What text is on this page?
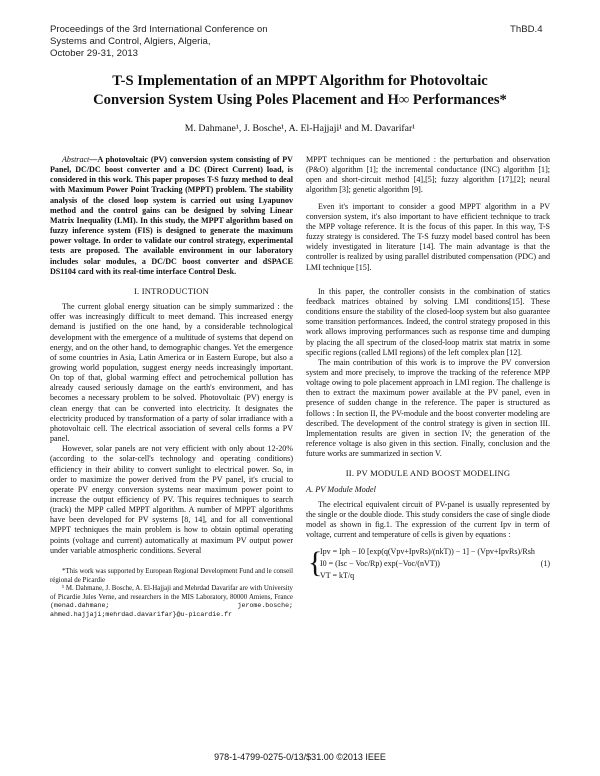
Proceedings of the 3rd International Conference on
Systems and Control, Algiers, Algeria,
October 29-31, 2013
ThBD.4
T-S Implementation of an MPPT Algorithm for Photovoltaic
Conversion System Using Poles Placement and H∞ Performances*
M. Dahmane¹, J. Bosche¹, A. El-Hajjaji¹ and M. Davarifar¹

Abstract—A photovoltaic (PV) conversion system consisting of PV Panel, DC/DC boost converter and a DC (Direct Current) load, is considered in this work. This paper proposes T-S fuzzy method to deal with Maximum Power Point Tracking (MPPT) problem. The stability analysis of the closed loop system is carried out using Lyapunov method and the control gains can be designed by solving Linear Matrix Inequality (LMI). In this study, the MPPT algorithm based on fuzzy inference system (FIS) is designed to generate the maximum power voltage. In order to validate our control strategy, experimental tests are proposed. The available environment in our laboratory includes solar modules, a DC/DC boost converter and dSPACE DS1104 card with its real-time interface Control Desk.

I. INTRODUCTION

The current global energy situation can be simply summarized : the offer was increasingly difficult to meet demand. This increased energy demand is justified on the one hand, by a considerable technological development with the emergence of a multitude of systems that depend on energy, and on the other hand, to demographic changes. Yet the emergence of some countries in Asia, Latin America or in Eastern Europe, but also a growing world population, suggest energy needs increasingly important. On top of that, global warming effect and petrochemical pollution has already caused seriously damage on the earth's environment, and has becomes a necessary problem to be solved. Photovoltaic (PV) energy is clean energy that can be converted into electricity. It designates the electricity produced by transformation of a party of solar irradiance with a photovoltaic cell. The electrical association of several cells forms a PV panel.

However, solar panels are not very efficient with only about 12-20% (according to the solar-cell's technology and operating conditions) efficiency in their ability to convert sunlight to electrical power. So, in order to maximize the power derived from the PV panel, it's crucial to operate PV energy conversion systems near maximum power point to increase the output efficiency of PV. This requires techniques to search (track) the MPP called MPPT algorithm. A number of MPPT algorithms have been developed for PV systems [8, 14], and for all conventional MPPT techniques the main problem is how to obtain optimal operating points (voltage and current) automatically at maximum PV output power under variable atmospheric conditions. Several

*This work was supported by European Regional Development Fund and le conseil régional de Picardie

¹ M. Dahmane, J. Bosche, A. El-Hajjaji and Mehrdad Davarifar are with University of Picardie Jules Verne, and researchers in the MIS Laboratory, 80000 Amiens, France (menad.dahmane; jerome.bosche; ahmed.hajjaji;mehrdad.davarifar}@u-picardie.fr

MPPT techniques can be mentioned : the perturbation and observation (P&O) algorithm [1]; the incremental conductance (INC) algorithm [1]; open and short-circuit method [4],[5]; fuzzy algorithm [17],[2]; neural algorithm [3]; genetic algorithm [9].

Even it's important to consider a good MPPT algorithm in a PV conversion system, it's also important to have efficient technique to track the MPP voltage reference. It is the focus of this paper. In this way, T-S fuzzy strategy is considered. The T-S fuzzy model based control has been widely investigated in literature [14]. The main advantage is that the controller is realized by using parallel distributed compensation (PDC) and LMI technique [15].

In this paper, the controller consists in the combination of statics feedback matrices obtained by solving LMI conditions[15]. These conditions ensure the stability of the closed-loop system but also guarantee some transition performances. Indeed, the control strategy proposed in this work allows improving performances such as response time and dumping by placing the all spectrum of the closed-loop matrix stat matrix in some specific regions (called LMI regions) of the left complex plan [12].

The main contribution of this work is to improve the PV conversion system and more precisely, to improve the tracking of the reference MPP voltage owing to pole placement approach in LMI region. The challenge is then to extract the maximum power available at the PV panel, even in presence of sudden change in the reference. The paper is structured as follows : In section II, the PV-module and the boost converter modeling are described. The development of the control strategy is given in section III. Implementation results are given in section IV; the generation of the reference voltage is also given in this section. Finally, conclusion and the future works are summarized in section V.

II. PV MODULE AND BOOST MODELING
A. PV Module Model

The electrical equivalent circuit of PV-panel is usually represented by the single or the double diode. This study considers the case of single diode model as shown in fig.1. The expression of the current Ipv in term of voltage, current and temperature of cells is given by equations :

{
Ipv = Iph − I0 [exp(q(Vpv+IpvRs)/(nkT)) − 1] − (Vpv+IpvRs)/Rsh
I0 = (Isc − Voc/Rp) exp(−Voc/(nVT))
VT = kT/q
(1)
978-1-4799-0275-0/13/$31.00 ©2013 IEEE
